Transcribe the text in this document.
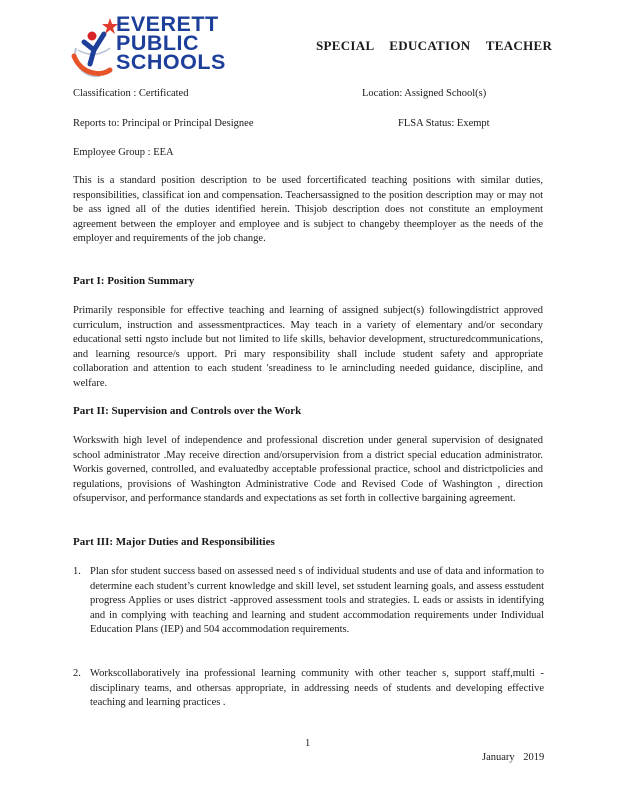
EVERETT
PUBLIC
SCHOOLS
SPECIAL EDUCATION TEACHER
Classification : Certificated	Location: Assigned School(s)
Reports to: Principal or Principal Designee	FLSA Status: Exempt
Employee Group : EEA
This is a standard position description to be used forcertificated teaching positions with similar duties, responsibilities, classificat ion and compensation. Teachersassigned to the position description may or may not be ass igned all of the duties identified herein. Thisjob description does not constitute an employment agreement between the employer and employee and is subject to changeby theemployer as the needs of the employer and requirements of the job change.
Part I: Position Summary
Primarily responsible for effective teaching and learning of assigned subject(s) followingdistrict approved curriculum, instruction and assessmentpractices. May teach in a variety of elementary and/or secondary educational setti ngsto include but not limited to life skills, behavior development, structuredcommunications, and learning resource/s upport. Pri mary responsibility shall include student safety and appropriate collaboration and attention to each student 'sreadiness to le arnincluding needed guidance, discipline, and welfare.
Part II: Supervision and Controls over the Work
Workswith high level of independence and professional discretion under general supervision of designated school administrator .May receive direction and/orsupervision from a district special education administrator. Workis governed, controlled, and evaluatedby acceptable professional practice, school and districtpolicies and regulations, provisions of Washington Administrative Code and Revised Code of Washington , direction ofsupervisor, and performance standards and expectations as set forth in collective bargaining agreement.
Part III: Major Duties and Responsibilities
1. Plan sfor student success based on assessed need s of individual students and use of data and information to determine each student’s current knowledge and skill level, set sstudent learning goals, and assess esstudent progress Applies or uses district -approved assessment tools and strategies. L eads or assists in identifying and in complying with teaching and learning and student accommodation requirements under Individual Education Plans (IEP) and 504 accommodation requirements.
2. Workscollaboratively ina professional learning community with other teacher s, support staff,multi -disciplinary teams, and othersas appropriate, in addressing needs of students and developing effective teaching and learning practices .
1
January 2019
